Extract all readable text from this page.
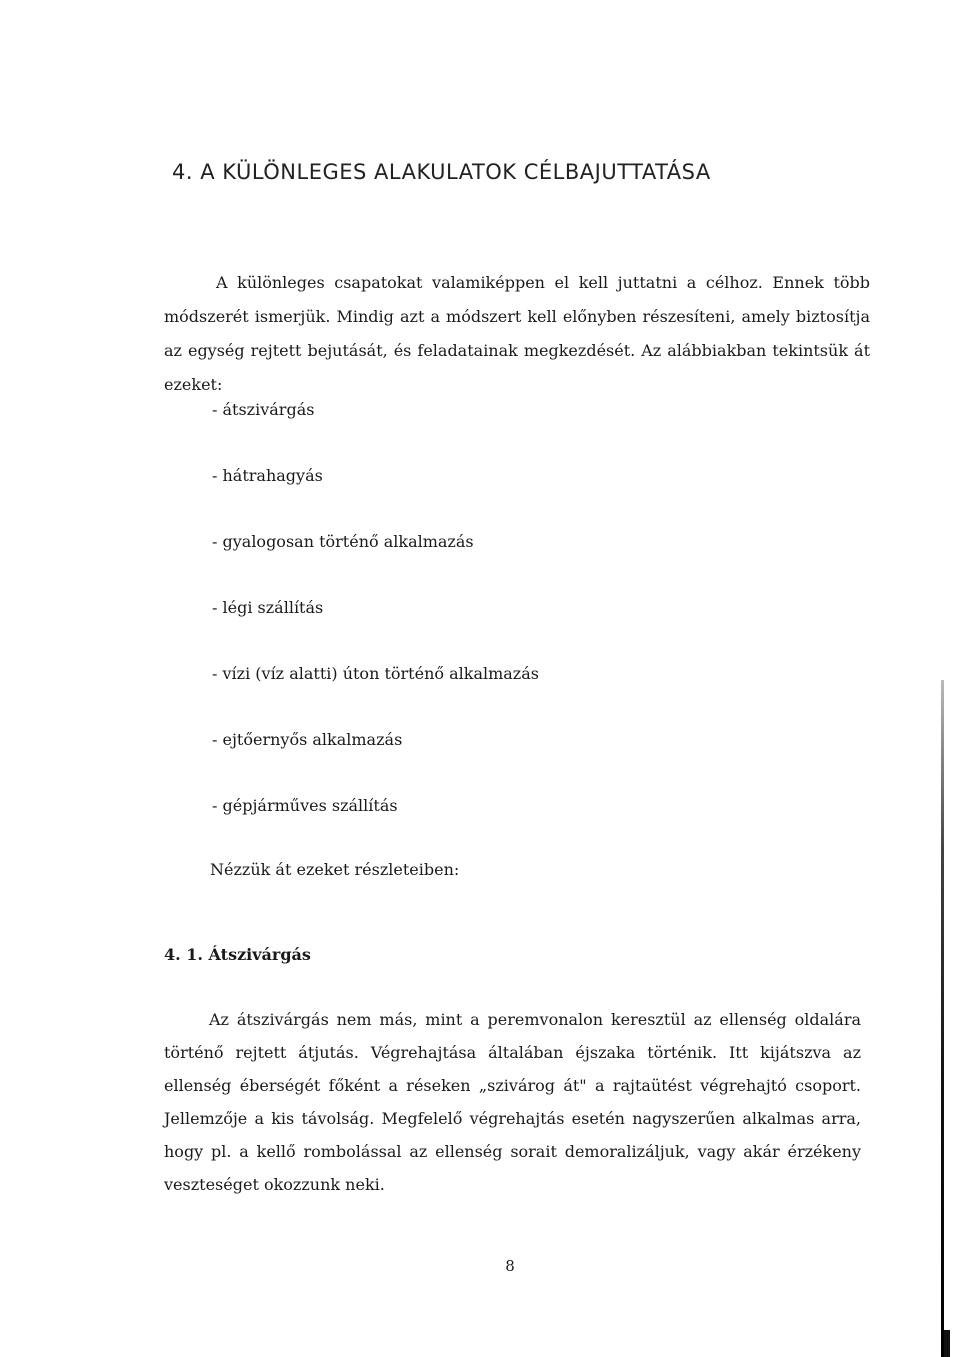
4. A KÜLÖNLEGES ALAKULATOK CÉLBAJUTTATÁSA

A különleges csapatokat valamiképpen el kell juttatni a célhoz. Ennek több módszerét ismerjük. Mindig azt a módszert kell előnyben részesíteni, amely biztosítja az egység rejtett bejutását, és feladatainak megkezdését. Az alábbiakban tekintsük át ezeket:

- átszivárgás
- hátrahagyás
- gyalogosan történő alkalmazás
- légi szállítás
- vízi (víz alatti) úton történő alkalmazás
- ejtőernyős alkalmazás
- gépjárműves szállítás

Nézzük át ezeket részleteiben:

4. 1. Átszivárgás

Az átszivárgás nem más, mint a peremvonalon keresztül az ellenség oldalára történő rejtett átjutás. Végrehajtása általában éjszaka történik. Itt kijátszva az ellenség éberségét főként a réseken „szivárog át" a rajtaütést végrehajtó csoport. Jellemzője a kis távolság. Megfelelő végrehajtás esetén nagyszerűen alkalmas arra, hogy pl. a kellő rombolással az ellenség sorait demoralizáljuk, vagy akár érzékeny veszteséget okozzunk neki.

8
